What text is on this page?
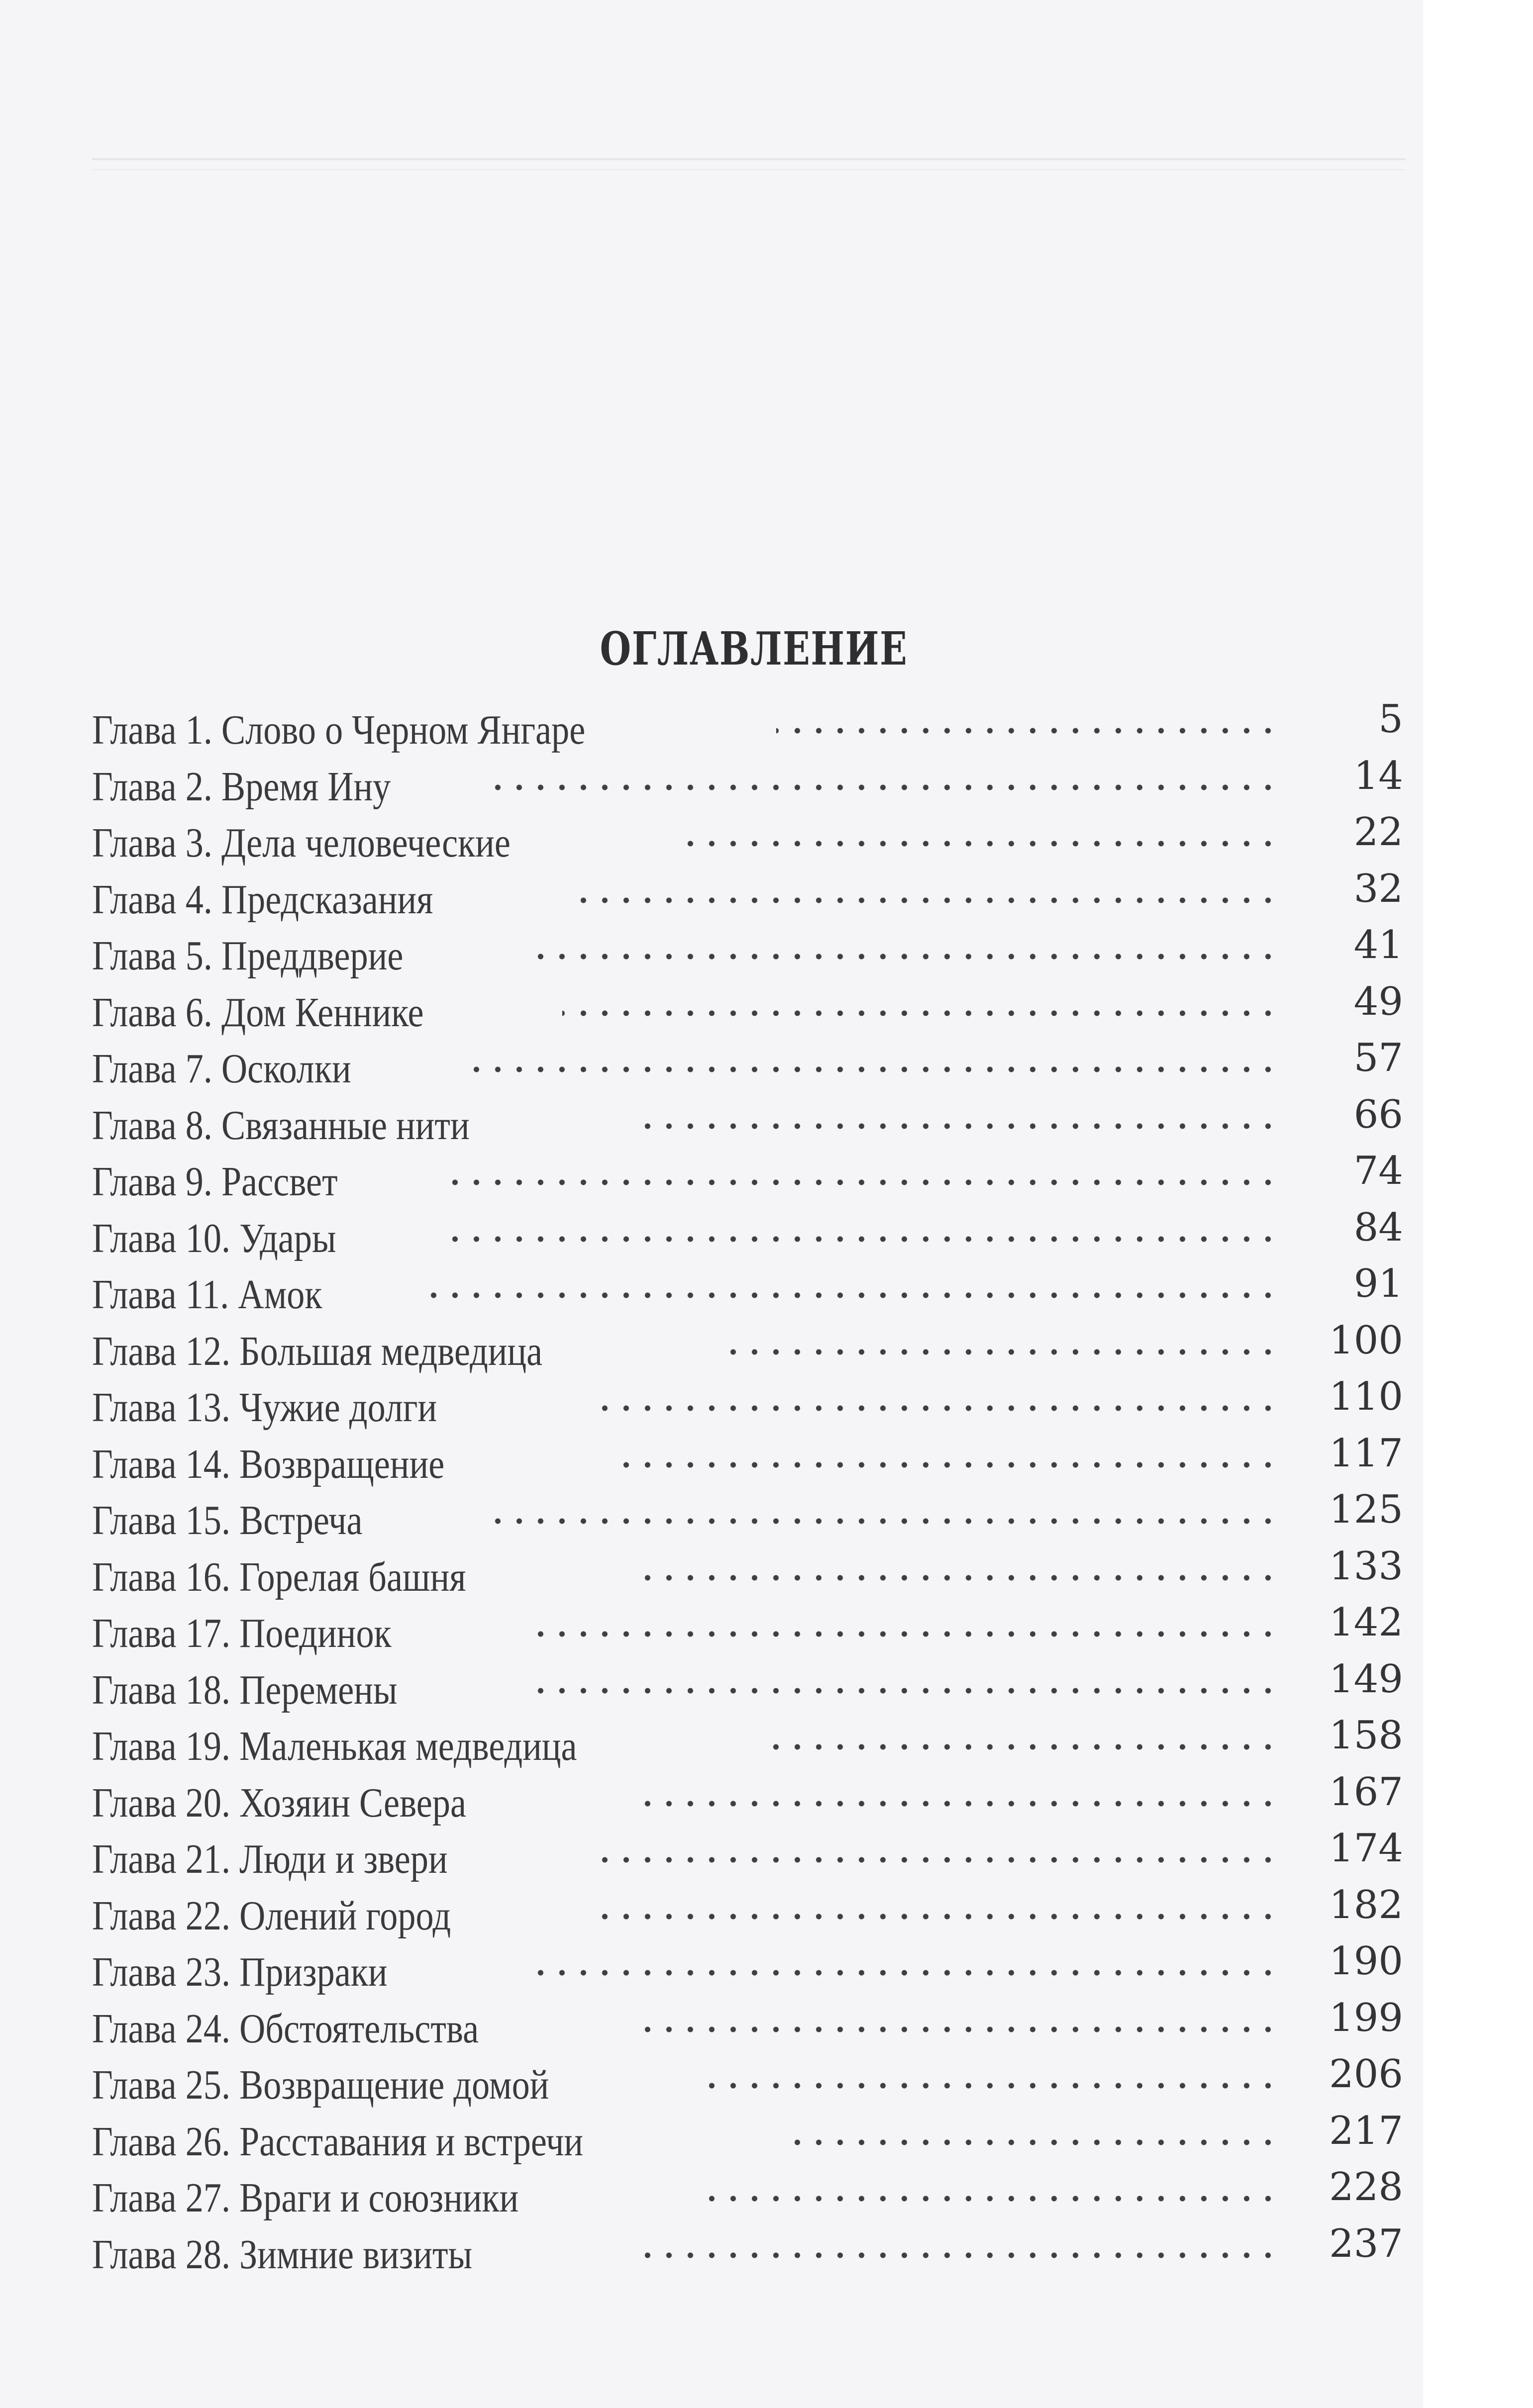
ОГЛАВЛЕНИЕ
Глава 1. Слово о Черном Янгаре	5
Глава 2. Время Ину	14
Глава 3. Дела человеческие	22
Глава 4. Предсказания	32
Глава 5. Преддверие	41
Глава 6. Дом Кеннике	49
Глава 7. Осколки	57
Глава 8. Связанные нити	66
Глава 9. Рассвет	74
Глава 10. Удары	84
Глава 11. Амок	91
Глава 12. Большая медведица	100
Глава 13. Чужие долги	110
Глава 14. Возвращение	117
Глава 15. Встреча	125
Глава 16. Горелая башня	133
Глава 17. Поединок	142
Глава 18. Перемены	149
Глава 19. Маленькая медведица	158
Глава 20. Хозяин Севера	167
Глава 21. Люди и звери	174
Глава 22. Олений город	182
Глава 23. Призраки	190
Глава 24. Обстоятельства	199
Глава 25. Возвращение домой	206
Глава 26. Расставания и встречи	217
Глава 27. Враги и союзники	228
Глава 28. Зимние визиты	237
